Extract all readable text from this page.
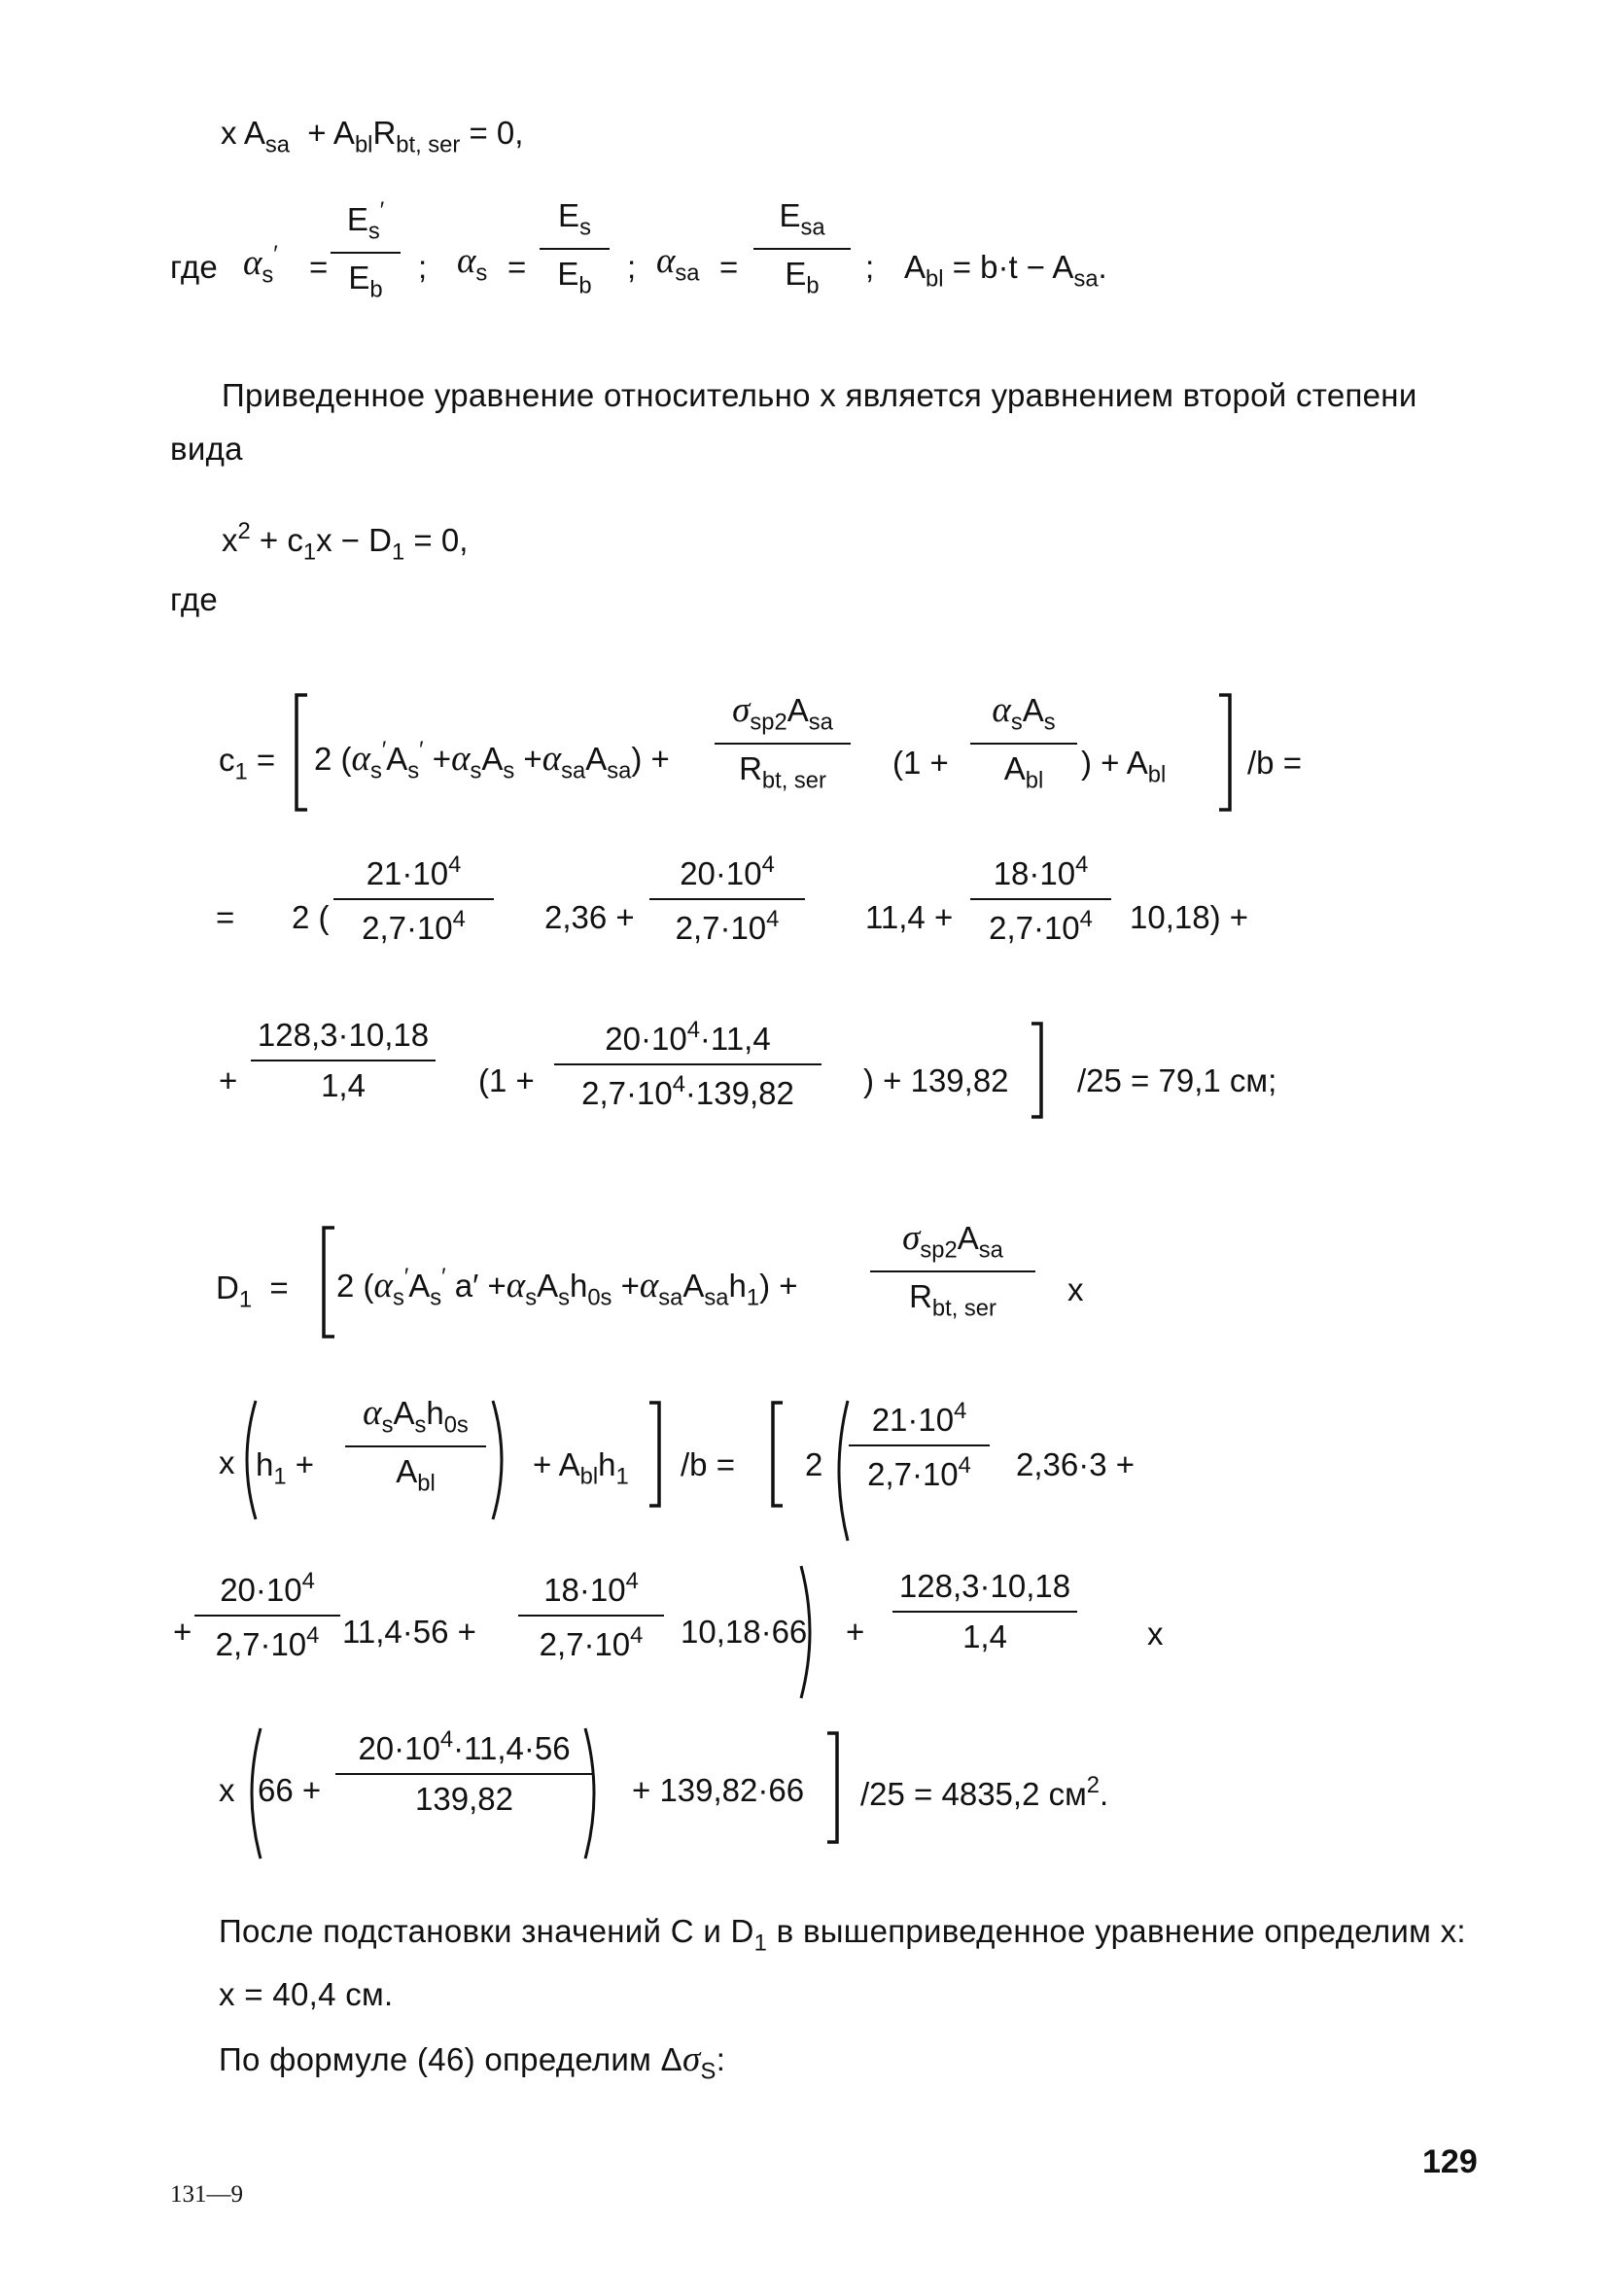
x $A_{sa} + A_{bl}R_{bt, ser} = 0$,
где $\alpha_s'$ =
$E_s'$
$E_b$
; $\alpha_s$ =
$E_s$
$E_b$
; $\alpha_{sa}$ =
$E_{sa}$
$E_b$
; $A_{bl} = b\cdot t - A_{sa}$.
Приведенное уравнение относительно х является уравнением второй степени
вида
$x^2 + c_1x - D_1 = 0$,
где
$c_1 = 2$ $(\alpha_s'A_s' +\alpha_sA_s +\alpha_{sa}A_{sa})$ +
$\sigma_{sp2}A_{sa}$
$R_{bt, ser}$ (1 +
$\alpha_sA_s$
$A_{bl}$ ) + $A_{bl}$	/b =
= 2 (
$21\cdot 10^4$
$2,7\cdot 10^4$ 2,36 +
$20\cdot 10^4$
$2,7\cdot 10^4$	11,4 +
$18\cdot 10^4$
$2,7\cdot 10^4$ 10,18) +
+
128,3·10,18
1,4	(1 +
$20\cdot 10^4\cdot 11,4$
$2,7\cdot 10^4\cdot 139,82$ ) + 139,82 /25 = 79,1 см;
$D_1 = 2$ ($\alpha_s'A_s'$ $a' +\alpha_sA_sh_{0s} +\alpha_{sa}A_{sa}h_1$) +
$\sigma_{sp2}A_{sa}$
$R_{bt, ser}$
x
x $h_1$ +
$\alpha_sA_sh_{0s}$
$A_{bl}$
+ $A_{bl}h_1$ /b = 2
$21\cdot 10^4$
$2,7\cdot 10^4$ 2,36·3 +
+
$20\cdot 10^4$
$2,7\cdot 10^4$ 11,4·56 +
$18\cdot 10^4$
$2,7\cdot 10^4$ 10,18·66 +
128,3·10,18
1,4	x
x 66 +
$20\cdot 10^4\cdot 11,4\cdot 56$
139,82	+ 139,82·66 /25 = 4835,2 $см^2$.
После подстановки значений С и $D_1$ в вышеприведенное уравнение определим х:
х = 40,4 см.
По формуле (46) определим $\Delta\sigma_S$:
129
131—9
